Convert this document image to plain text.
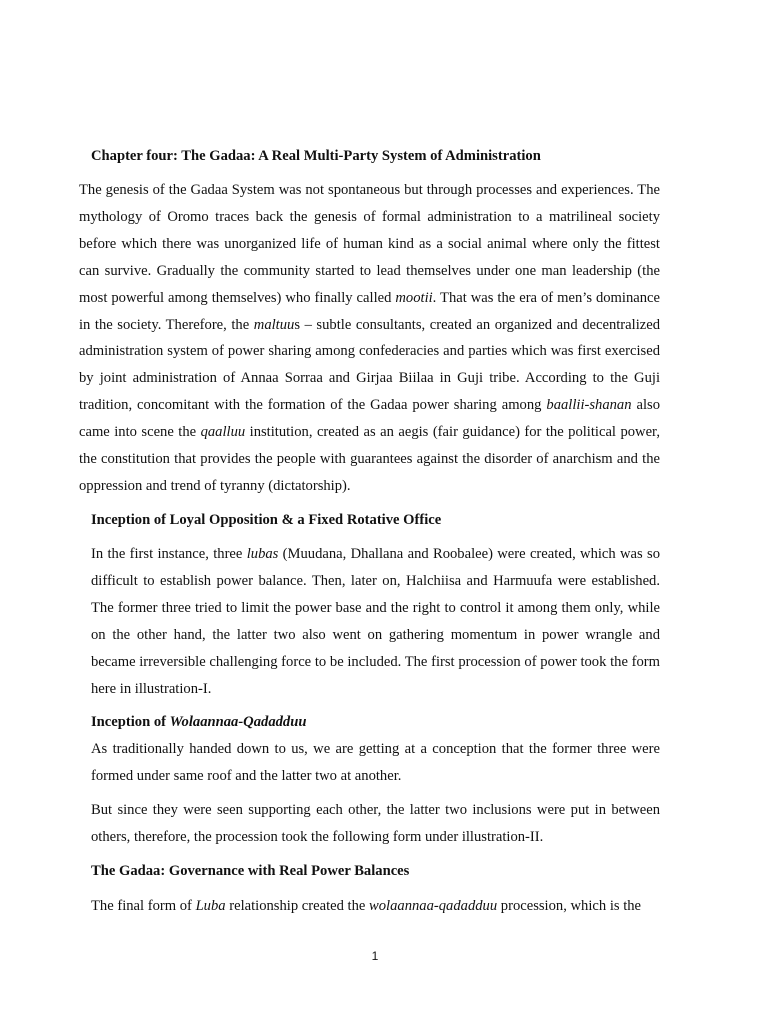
Chapter four: The Gadaa: A Real Multi-Party System of Administration
The genesis of the Gadaa System was not spontaneous but through processes and experiences. The mythology of Oromo traces back the genesis of formal administration to a matrilineal society before which there was unorganized life of human kind as a social animal where only the fittest can survive. Gradually the community started to lead themselves under one man leadership (the most powerful among themselves) who finally called mootii. That was the era of men’s dominance in the society. Therefore, the maltuus – subtle consultants, created an organized and decentralized administration system of power sharing among confederacies and parties which was first exercised by joint administration of Annaa Sorraa and Girjaa Biilaa in Guji tribe. According to the Guji tradition, concomitant with the formation of the Gadaa power sharing among baallii-shanan also came into scene the qaalluu institution, created as an aegis (fair guidance) for the political power, the constitution that provides the people with guarantees against the disorder of anarchism and the oppression and trend of tyranny (dictatorship).
Inception of Loyal Opposition & a Fixed Rotative Office
In the first instance, three lubas (Muudana, Dhallana and Roobalee) were created, which was so difficult to establish power balance. Then, later on, Halchiisa and Harmuufa were established. The former three tried to limit the power base and the right to control it among them only, while on the other hand, the latter two also went on gathering momentum in power wrangle and became irreversible challenging force to be included. The first procession of power took the form here in illustration-I.
Inception of Wolaannaa-Qadadduu
As traditionally handed down to us, we are getting at a conception that the former three were formed under same roof and the latter two at another.
But since they were seen supporting each other, the latter two inclusions were put in between others, therefore, the procession took the following form under illustration-II.
The Gadaa: Governance with Real Power Balances
The final form of Luba relationship created the wolaannaa-qadadduu procession, which is the
1
